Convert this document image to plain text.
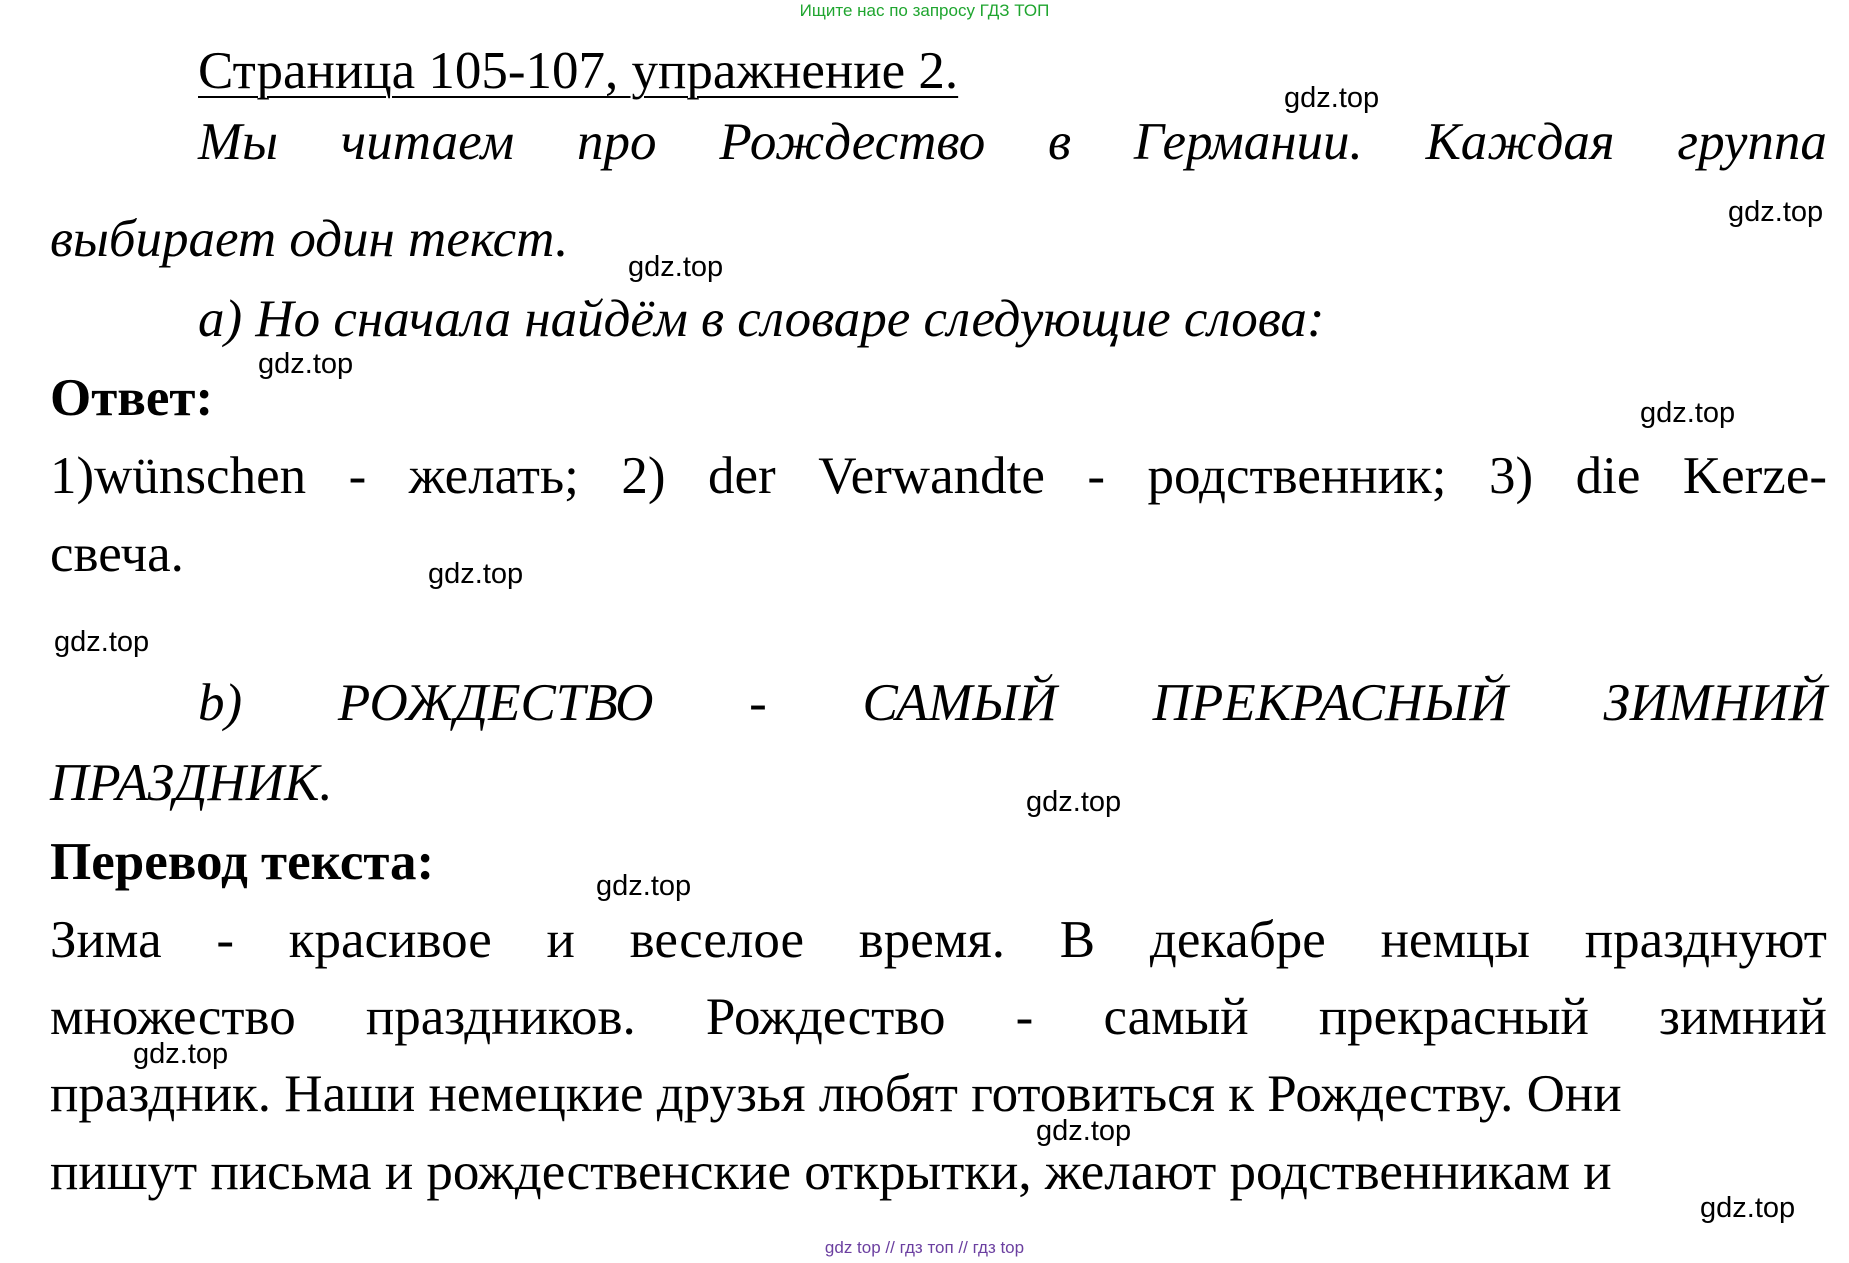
Ищите нас по запросу ГДЗ ТОП
Страница 105-107, упражнение 2.
Мы читаем про Рождество в Германии. Каждая группа
выбирает один текст.
а) Но сначала найдём в словаре следующие слова:
Ответ:
1)wünschen - желать; 2) der Verwandte - родственник; 3) die Kerze-
свеча.
b) РОЖДЕСТВО - САМЫЙ ПРЕКРАСНЫЙ ЗИМНИЙ
ПРАЗДНИК.
Перевод текста:
Зима - красивое и веселое время. В декабре немцы празднуют
множество праздников. Рождество - самый прекрасный зимний
праздник. Наши немецкие друзья любят готовиться к Рождеству. Они
пишут письма и рождественские открытки, желают родственникам и
gdz.top
gdz.top
gdz.top
gdz.top
gdz.top
gdz.top
gdz.top
gdz.top
gdz.top
gdz.top
gdz.top
gdz.top
gdz top // гдз топ // гдз top
